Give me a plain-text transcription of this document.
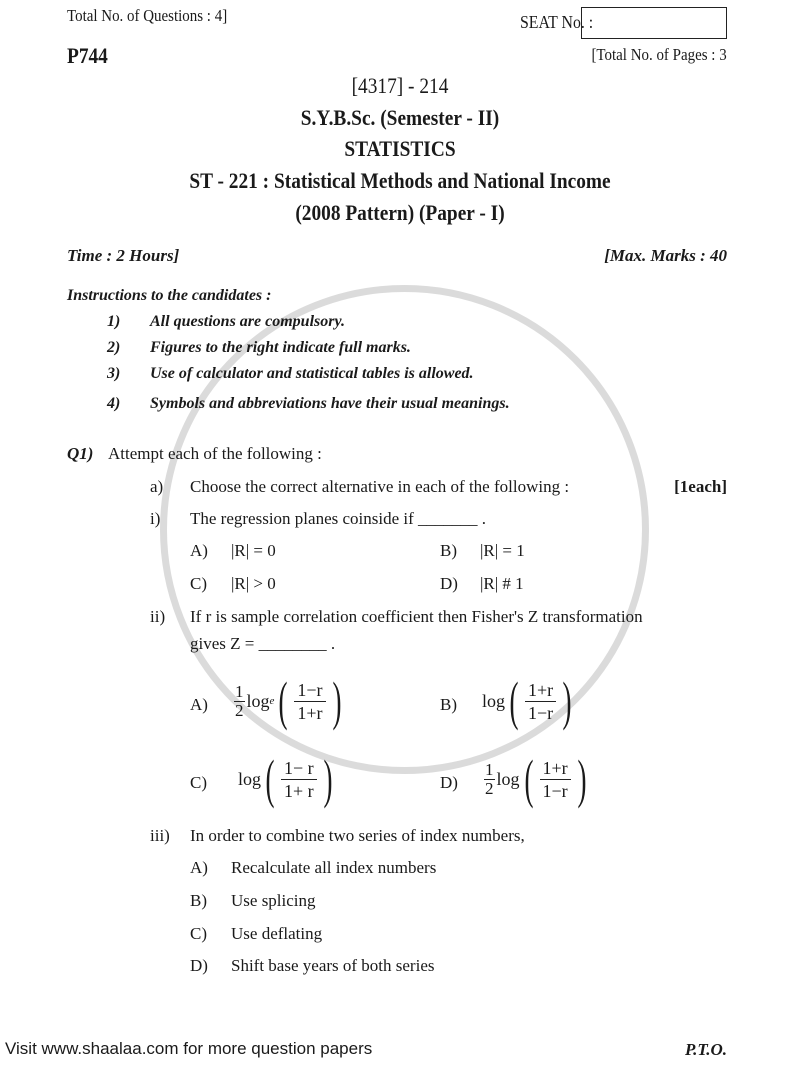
Total No. of Questions : 4]	SEAT No. :
P744	[Total No. of Pages : 3
[4317] - 214
S.Y.B.Sc. (Semester - II)
STATISTICS
ST - 221 : Statistical Methods and National Income
(2008 Pattern) (Paper - I)
Time : 2 Hours]	[Max. Marks : 40
Instructions to the candidates :
1) All questions are compulsory.
2) Figures to the right indicate full marks.
3) Use of calculator and statistical tables is allowed.
4) Symbols and abbreviations have their usual meanings.
Q1) Attempt each of the following :
a) Choose the correct alternative in each of the following :	[1each]
i) The regression planes coinside if _______ .
A) |R| = 0	B) |R| = 1
C) |R| > 0	D) |R| # 1
ii) If r is sample correlation coefficient then Fisher's Z transformation
gives Z = ________ .
$A) \frac{1}{2}$ log e ( $\frac{1-r}{1+r}$ )	B) log ( $\frac{1+r}{1-r}$ )
C) log ( $\frac{1- r}{1+ r}$ )	$D) \frac{1}{2}$ log ( $\frac{1+r}{1-r}$ )
iii) In order to combine two series of index numbers,
A) Recalculate all index numbers
B) Use splicing
C) Use deflating
D) Shift base years of both series
Visit www.shaalaa.com for more question papers	P.T.O.
